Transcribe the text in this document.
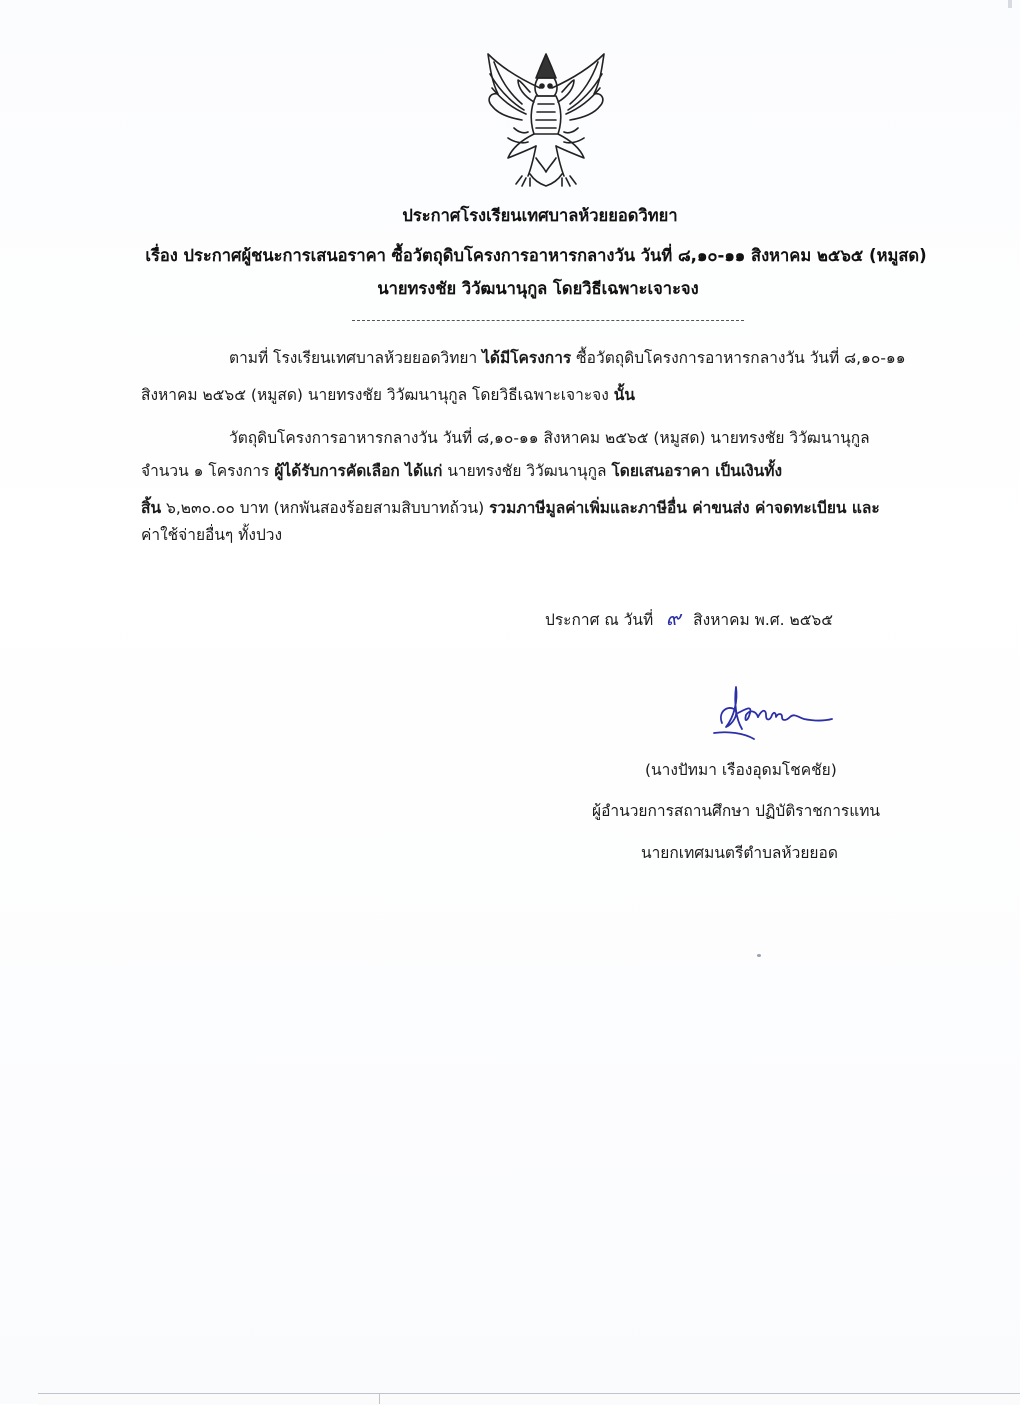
ประกาศโรงเรียนเทศบาลห้วยยอดวิทยา
เรื่อง ประกาศผู้ชนะการเสนอราคา ซื้อวัตถุดิบโครงการอาหารกลางวัน วันที่ ๘,๑๐-๑๑ สิงหาคม ๒๕๖๕ (หมูสด)
นายทรงชัย วิวัฒนานุกูล โดยวิธีเฉพาะเจาะจง
ตามที่ โรงเรียนเทศบาลห้วยยอดวิทยา ได้มีโครงการ ซื้อวัตถุดิบโครงการอาหารกลางวัน วันที่ ๘,๑๐-๑๑
สิงหาคม ๒๕๖๕ (หมูสด) นายทรงชัย วิวัฒนานุกูล โดยวิธีเฉพาะเจาะจง นั้น
วัตถุดิบโครงการอาหารกลางวัน วันที่ ๘,๑๐-๑๑ สิงหาคม ๒๕๖๕ (หมูสด) นายทรงชัย วิวัฒนานุกูล
จำนวน ๑ โครงการ ผู้ได้รับการคัดเลือก ได้แก่ นายทรงชัย วิวัฒนานุกูล โดยเสนอราคา เป็นเงินทั้ง
สิ้น ๖,๒๓๐.๐๐ บาท (หกพันสองร้อยสามสิบบาทถ้วน) รวมภาษีมูลค่าเพิ่มและภาษีอื่น ค่าขนส่ง ค่าจดทะเบียน และ
ค่าใช้จ่ายอื่นๆ ทั้งปวง
ประกาศ ณ วันที่ ๙ สิงหาคม พ.ศ. ๒๕๖๕
(นางปัทมา เรืองอุดมโชคชัย)
ผู้อำนวยการสถานศึกษา ปฏิบัติราชการแทน
นายกเทศมนตรีตำบลห้วยยอด
